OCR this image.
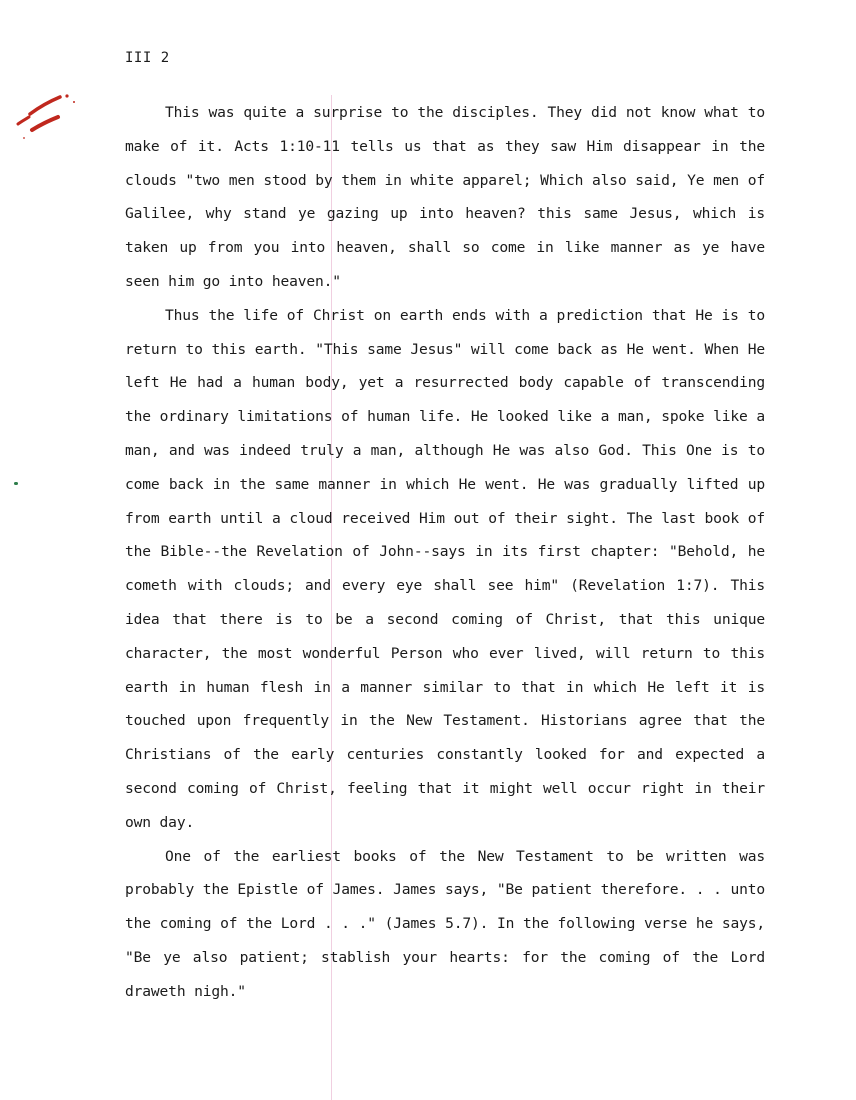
III 2

This was quite a surprise to the disciples. They did not know what to make of it. Acts 1:10-11 tells us that as they saw Him disappear in the clouds "two men stood by them in white apparel; Which also said, Ye men of Galilee, why stand ye gazing up into heaven? this same Jesus, which is taken up from you into heaven, shall so come in like manner as ye have seen him go into heaven."

Thus the life of Christ on earth ends with a prediction that He is to return to this earth. "This same Jesus" will come back as He went. When He left He had a human body, yet a resurrected body capable of transcending the ordinary limitations of human life. He looked like a man, spoke like a man, and was indeed truly a man, although He was also God. This One is to come back in the same manner in which He went. He was gradually lifted up from earth until a cloud received Him out of their sight. The last book of the Bible--the Revelation of John--says in its first chapter: "Behold, he cometh with clouds; and every eye shall see him" (Revelation 1:7). This idea that there is to be a second coming of Christ, that this unique character, the most wonderful Person who ever lived, will return to this earth in human flesh in a manner similar to that in which He left it is touched upon frequently in the New Testament. Historians agree that the Christians of the early centuries constantly looked for and expected a second coming of Christ, feeling that it might well occur right in their own day.

One of the earliest books of the New Testament to be written was probably the Epistle of James. James says, "Be patient therefore. . . unto the coming of the Lord . . ." (James 5.7). In the following verse he says, "Be ye also patient; stablish your hearts: for the coming of the Lord draweth nigh."
